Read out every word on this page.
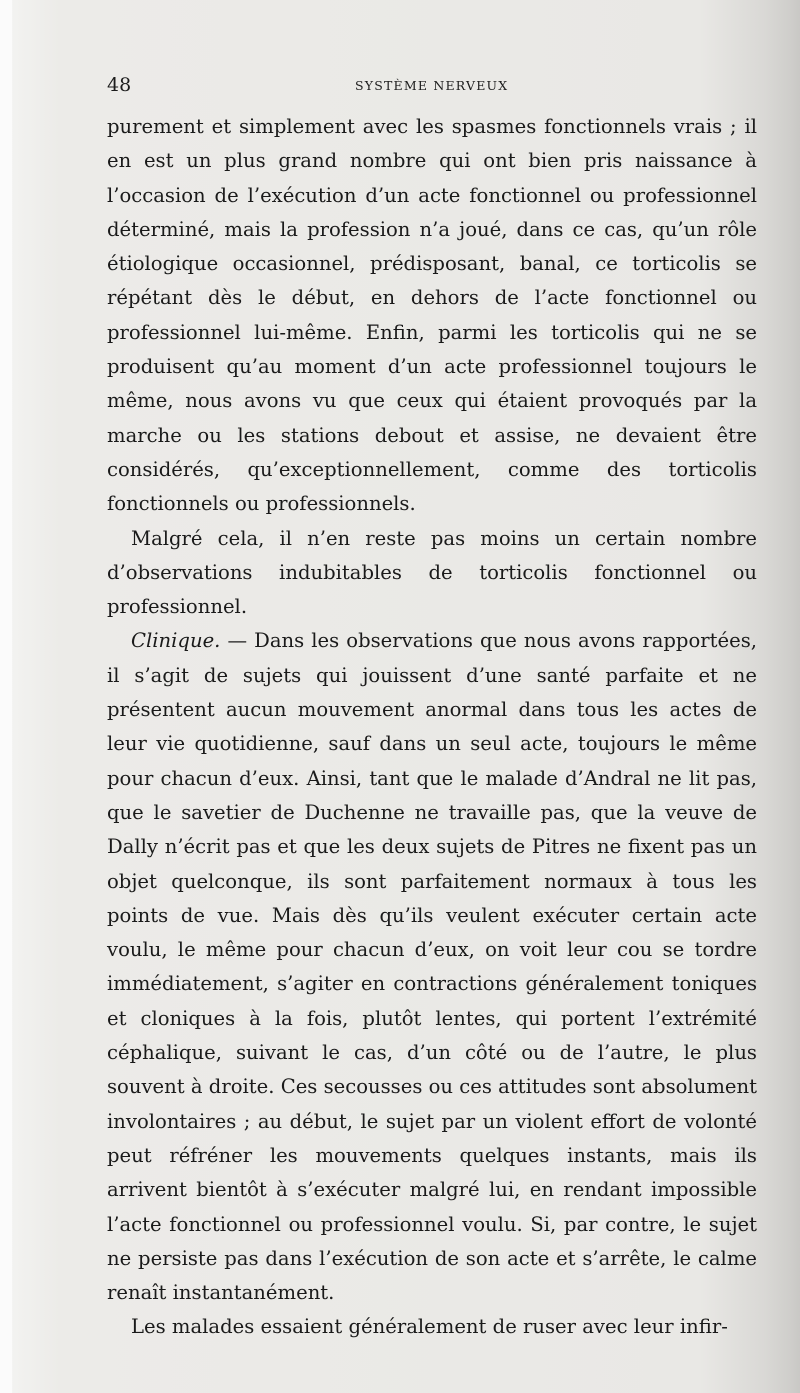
48	SYSTÈME NERVEUX

purement et simplement avec les spasmes fonctionnels vrais ; il en est un plus grand nombre qui ont bien pris naissance à l’occasion de l’exécution d’un acte fonctionnel ou professionnel déterminé, mais la profession n’a joué, dans ce cas, qu’un rôle étiologique occasionnel, prédisposant, banal, ce torticolis se répétant dès le début, en dehors de l’acte fonctionnel ou professionnel lui-même. Enfin, parmi les torticolis qui ne se produisent qu’au moment d’un acte professionnel toujours le même, nous avons vu que ceux qui étaient provoqués par la marche ou les stations debout et assise, ne devaient être considérés, qu’exceptionnellement, comme des torticolis fonctionnels ou professionnels.

Malgré cela, il n’en reste pas moins un certain nombre d’observations indubitables de torticolis fonctionnel ou professionnel.

Clinique. — Dans les observations que nous avons rapportées, il s’agit de sujets qui jouissent d’une santé parfaite et ne présentent aucun mouvement anormal dans tous les actes de leur vie quotidienne, sauf dans un seul acte, toujours le même pour chacun d’eux. Ainsi, tant que le malade d’Andral ne lit pas, que le savetier de Duchenne ne travaille pas, que la veuve de Dally n’écrit pas et que les deux sujets de Pitres ne fixent pas un objet quelconque, ils sont parfaitement normaux à tous les points de vue. Mais dès qu’ils veulent exécuter certain acte voulu, le même pour chacun d’eux, on voit leur cou se tordre immédiatement, s’agiter en contractions généralement toniques et cloniques à la fois, plutôt lentes, qui portent l’extrémité céphalique, suivant le cas, d’un côté ou de l’autre, le plus souvent à droite. Ces secousses ou ces attitudes sont absolument involontaires ; au début, le sujet par un violent effort de volonté peut réfréner les mouvements quelques instants, mais ils arrivent bientôt à s’exécuter malgré lui, en rendant impossible l’acte fonctionnel ou professionnel voulu. Si, par contre, le sujet ne persiste pas dans l’exécution de son acte et s’arrête, le calme renaît instantanément.

Les malades essaient généralement de ruser avec leur infir-
